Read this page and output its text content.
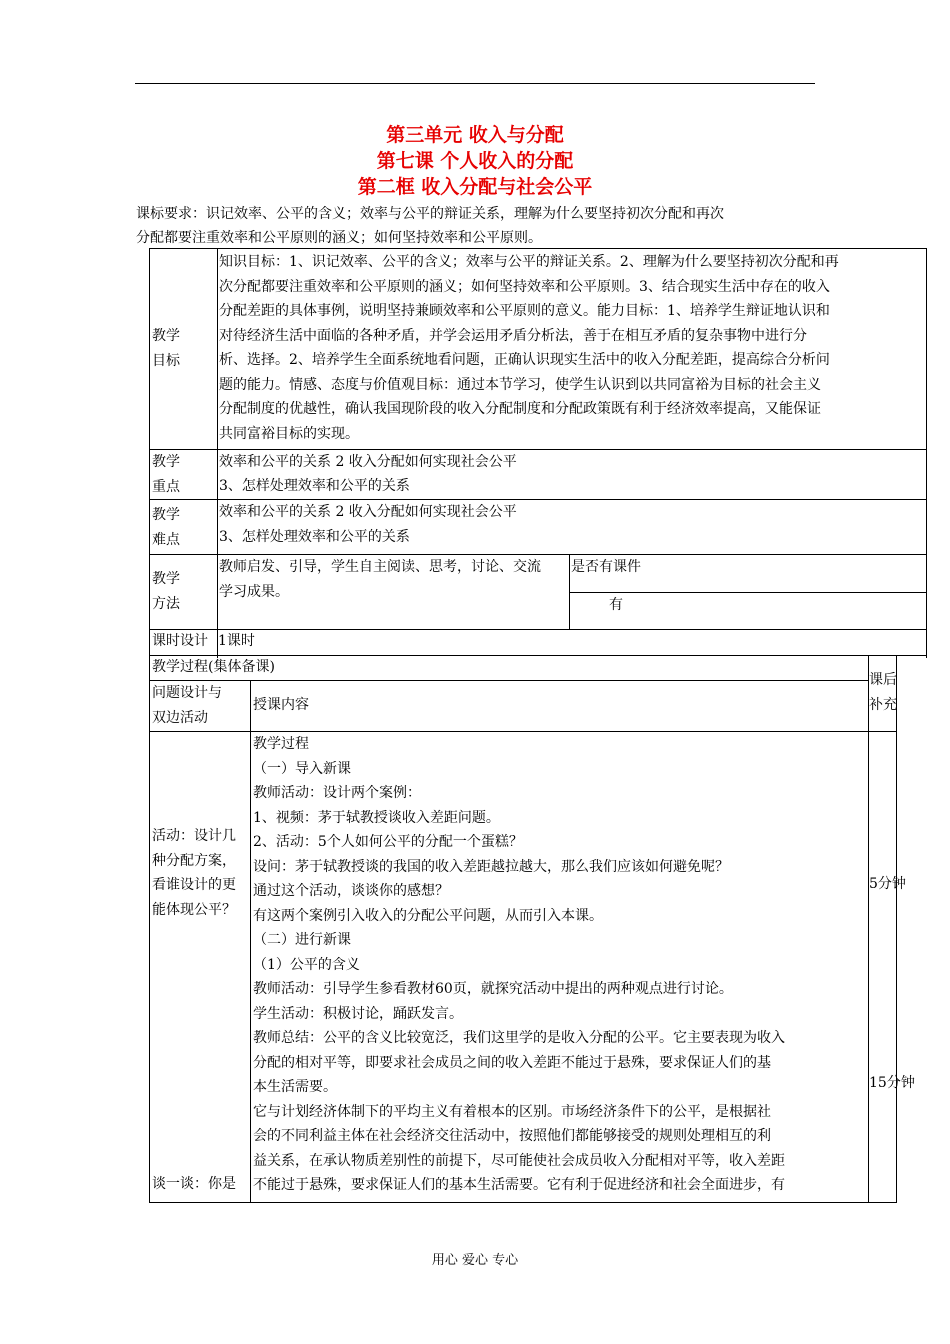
第三单元 收入与分配
第七课 个人收入的分配
第二框 收入分配与社会公平
课标要求：识记效率、公平的含义；效率与公平的辩证关系，理解为什么要坚持初次分配和再次
分配都要注重效率和公平原则的涵义；如何坚持效率和公平原则。
教学
目标
知识目标：1、识记效率、公平的含义；效率与公平的辩证关系。2、理解为什么要坚持初次分配和再
次分配都要注重效率和公平原则的涵义；如何坚持效率和公平原则。3、结合现实生活中存在的收入
分配差距的具体事例，说明坚持兼顾效率和公平原则的意义。能力目标：1、培养学生辩证地认识和
对待经济生活中面临的各种矛盾，并学会运用矛盾分析法，善于在相互矛盾的复杂事物中进行分
析、选择。2、培养学生全面系统地看问题，正确认识现实生活中的收入分配差距，提高综合分析问
题的能力。情感、态度与价值观目标：通过本节学习，使学生认识到以共同富裕为目标的社会主义
分配制度的优越性，确认我国现阶段的收入分配制度和分配政策既有利于经济效率提高，又能保证
共同富裕目标的实现。
教学
重点
效率和公平的关系 2 收入分配如何实现社会公平
3、怎样处理效率和公平的关系
教学
难点
效率和公平的关系 2 收入分配如何实现社会公平
3、怎样处理效率和公平的关系
教学
方法
教师启发、引导，学生自主阅读、思考，讨论、交流
学习成果。
是否有课件
有
课时设计 1课时
教学过程(集体备课)
问题设计与
双边活动
授课内容
课后
补充
活动：设计几
种分配方案，
看谁设计的更
能体现公平？
谈一谈：你是
教学过程
（一）导入新课
教师活动：设计两个案例：
1、视频：茅于轼教授谈收入差距问题。
2、活动：5个人如何公平的分配一个蛋糕？
设问：茅于轼教授谈的我国的收入差距越拉越大，那么我们应该如何避免呢？
通过这个活动，谈谈你的感想？
有这两个案例引入收入的分配公平问题，从而引入本课。
（二）进行新课
（1）公平的含义
教师活动：引导学生参看教材60页，就探究活动中提出的两种观点进行讨论。
学生活动：积极讨论，踊跃发言。
教师总结：公平的含义比较宽泛，我们这里学的是收入分配的公平。它主要表现为收入
分配的相对平等，即要求社会成员之间的收入差距不能过于悬殊，要求保证人们的基
本生活需要。
它与计划经济体制下的平均主义有着根本的区别。市场经济条件下的公平，是根据社
会的不同利益主体在社会经济交往活动中，按照他们都能够接受的规则处理相互的利
益关系，在承认物质差别性的前提下，尽可能使社会成员收入分配相对平等，收入差距
不能过于悬殊，要求保证人们的基本生活需要。它有利于促进经济和社会全面进步，有
5分钟
15分钟
用心 爱心 专心
